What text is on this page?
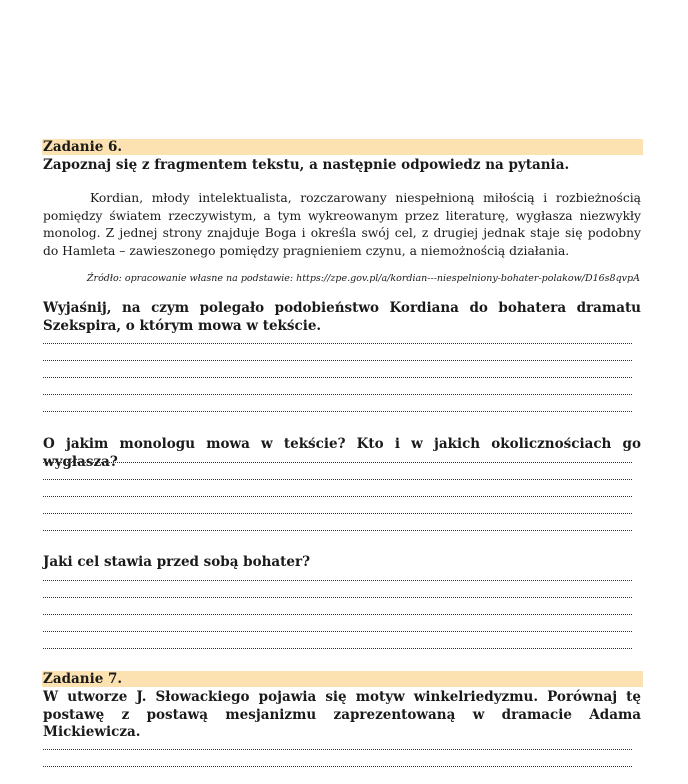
Zadanie 6.
Zapoznaj się z fragmentem tekstu, a następnie odpowiedz na pytania.
Kordian, młody intelektualista, rozczarowany niespełnioną miłością i rozbieżnością pomiędzy światem rzeczywistym, a tym wykreowanym przez literaturę, wygłasza niezwykły monolog. Z jednej strony znajduje Boga i określa swój cel, z drugiej jednak staje się podobny do Hamleta – zawieszonego pomiędzy pragnieniem czynu, a niemożnością działania.
Źródło: opracowanie własne na podstawie: https://zpe.gov.pl/a/kordian---niespelniony-bohater-polakow/D16s8qvpA
Wyjaśnij, na czym polegało podobieństwo Kordiana do bohatera dramatu Szekspira, o którym mowa w tekście.
O jakim monologu mowa w tekście? Kto i w jakich okolicznościach go wygłasza?
Jaki cel stawia przed sobą bohater?
Zadanie 7.
W utworze J. Słowackiego pojawia się motyw winkelriedyzmu. Porównaj tę postawę z postawą mesjanizmu zaprezentowaną w dramacie Adama Mickiewicza.
